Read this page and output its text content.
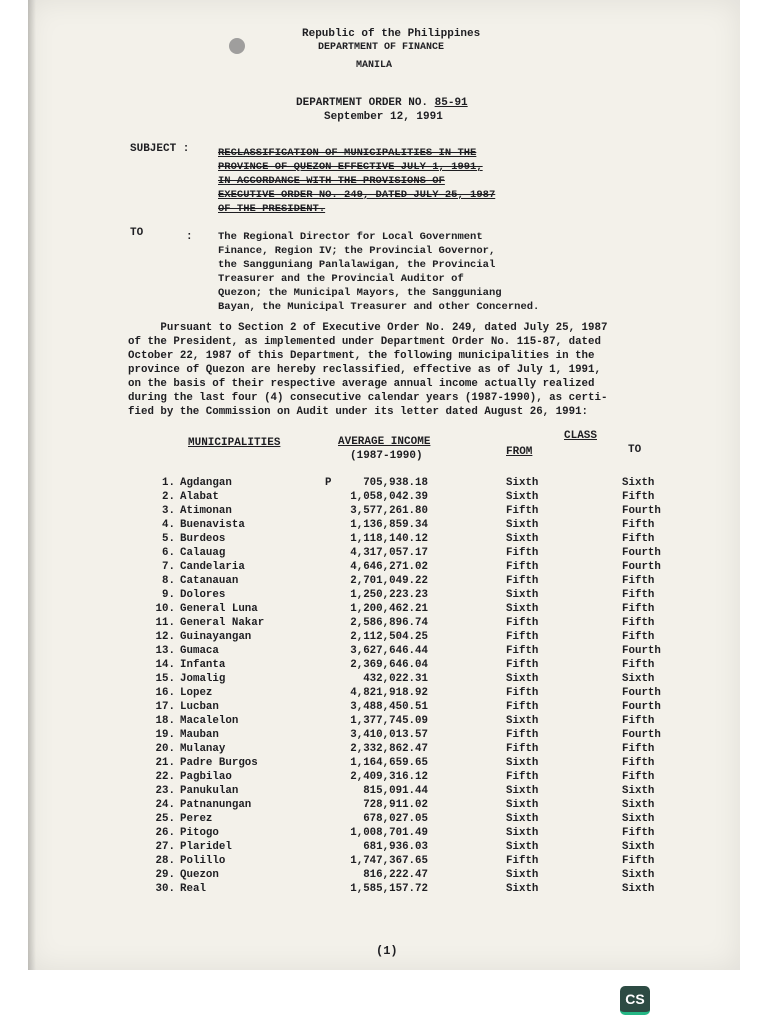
Republic of the Philippines
DEPARTMENT OF FINANCE
MANILA
DEPARTMENT ORDER NO. 85-91
September 12, 1991
SUBJECT :	RECLASSIFICATION OF MUNICIPALITIES IN THE
PROVINCE OF QUEZON EFFECTIVE JULY 1, 1991,
IN ACCORDANCE WITH THE PROVISIONS OF
EXECUTIVE ORDER NO. 249, DATED JULY 25, 1987
OF THE PRESIDENT.
TO	: The Regional Director for Local Government
Finance, Region IV; the Provincial Governor,
the Sangguniang Panlalawigan, the Provincial
Treasurer and the Provincial Auditor of
Quezon; the Municipal Mayors, the Sangguniang
Bayan, the Municipal Treasurer and other Concerned.
Pursuant to Section 2 of Executive Order No. 249, dated July 25, 1987
of the President, as implemented under Department Order No. 115-87, dated
October 22, 1987 of this Department, the following municipalities in the
province of Quezon are hereby reclassified, effective as of July 1, 1991,
on the basis of their respective average annual income actually realized
during the last four (4) consecutive calendar years (1987-1990), as certi-
fied by the Commission on Audit under its letter dated August 26, 1991:
MUNICIPALITIES	AVERAGE INCOME
(1987-1990)
CLASS
FROM	TO
P
1. Agdangan	705,938.18	Sixth	Sixth
2. Alabat	1,058,042.39	Sixth	Fifth
3. Atimonan	3,577,261.80	Fifth	Fourth
4. Buenavista	1,136,859.34	Sixth	Fifth
5. Burdeos	1,118,140.12	Sixth	Fifth
6. Calauag	4,317,057.17	Fifth	Fourth
7. Candelaria	4,646,271.02	Fifth	Fourth
8. Catanauan	2,701,049.22	Fifth	Fifth
9. Dolores	1,250,223.23	Sixth	Fifth
10. General Luna	1,200,462.21	Sixth	Fifth
11. General Nakar	2,586,896.74	Fifth	Fifth
12. Guinayangan	2,112,504.25	Fifth	Fifth
13. Gumaca	3,627,646.44	Fifth	Fourth
14. Infanta	2,369,646.04	Fifth	Fifth
15. Jomalig	432,022.31	Sixth	Sixth
16. Lopez	4,821,918.92	Fifth	Fourth
17. Lucban	3,488,450.51	Fifth	Fourth
18. Macalelon	1,377,745.09	Sixth	Fifth
19. Mauban	3,410,013.57	Fifth	Fourth
20. Mulanay	2,332,862.47	Fifth	Fifth
21. Padre Burgos	1,164,659.65	Sixth	Fifth
22. Pagbilao	2,409,316.12	Fifth	Fifth
23. Panukulan	815,091.44	Sixth	Sixth
24. Patnanungan	728,911.02	Sixth	Sixth
25. Perez	678,027.05	Sixth	Sixth
26. Pitogo	1,008,701.49	Sixth	Fifth
27. Plaridel	681,936.03	Sixth	Sixth
28. Polillo	1,747,367.65	Fifth	Fifth
29. Quezon	816,222.47	Sixth	Sixth
30. Real	1,585,157.72	Sixth	Sixth
(1)
CS
